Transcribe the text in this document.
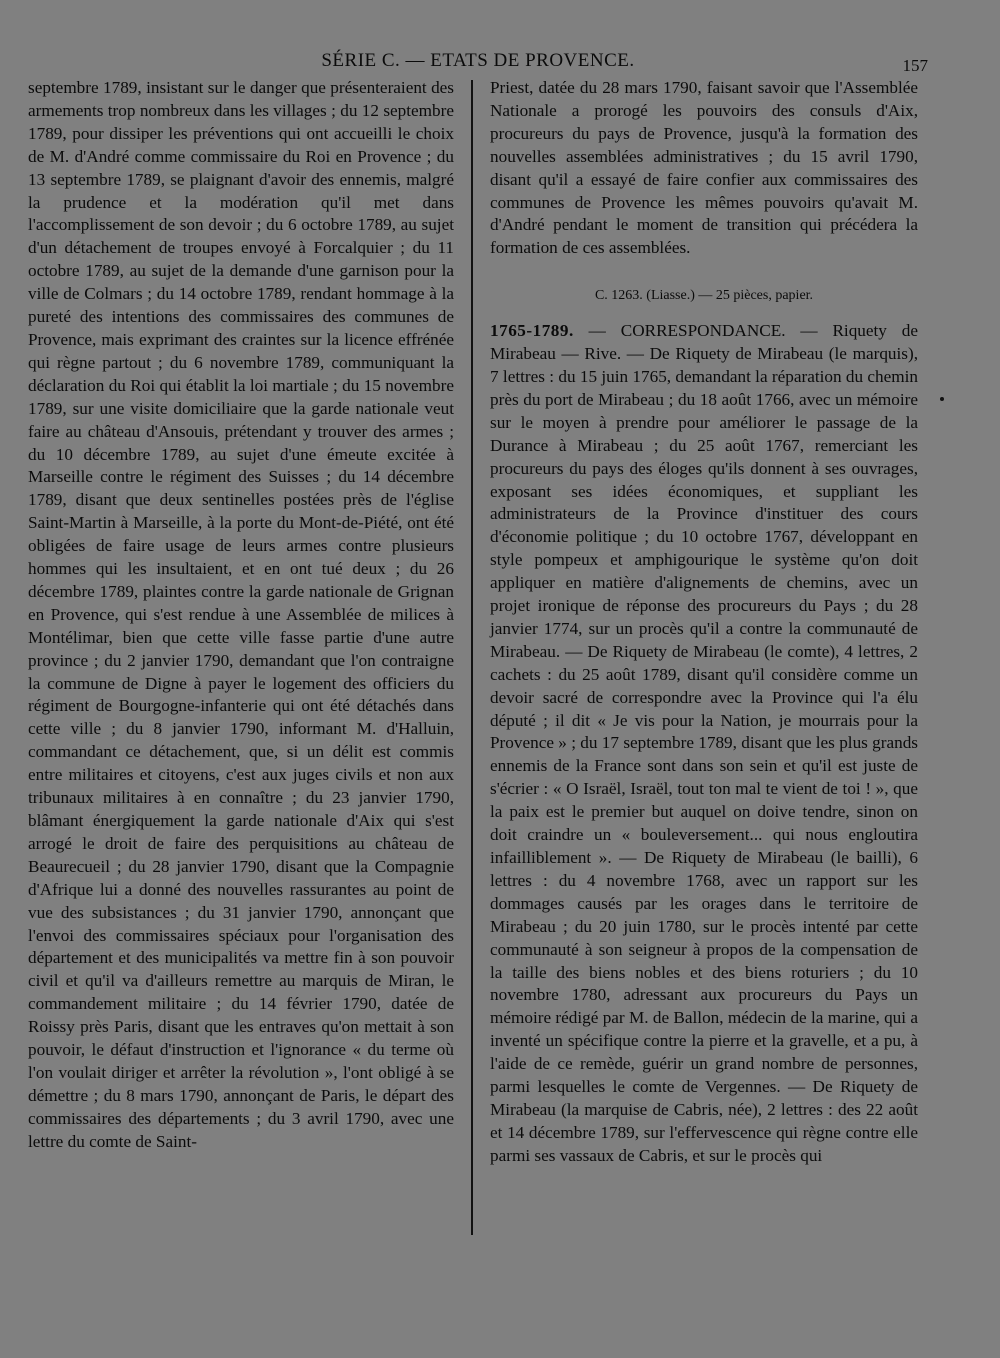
SÉRIE C. — ETATS DE PROVENCE.	157

septembre 1789, insistant sur le danger que présenteraient des armements trop nombreux dans les villages ; du 12 septembre 1789, pour dissiper les préventions qui ont accueilli le choix de M. d'André comme commissaire du Roi en Provence ; du 13 septembre 1789, se plaignant d'avoir des ennemis, malgré la prudence et la modération qu'il met dans l'accomplissement de son devoir ; du 6 octobre 1789, au sujet d'un détachement de troupes envoyé à Forcalquier ; du 11 octobre 1789, au sujet de la demande d'une garnison pour la ville de Colmars ; du 14 octobre 1789, rendant hommage à la pureté des intentions des commissaires des communes de Provence, mais exprimant des craintes sur la licence effrénée qui règne partout ; du 6 novembre 1789, communiquant la déclaration du Roi qui établit la loi martiale ; du 15 novembre 1789, sur une visite domiciliaire que la garde nationale veut faire au château d'Ansouis, prétendant y trouver des armes ; du 10 décembre 1789, au sujet d'une émeute excitée à Marseille contre le régiment des Suisses ; du 14 décembre 1789, disant que deux sentinelles postées près de l'église Saint-Martin à Marseille, à la porte du Mont-de-Piété, ont été obligées de faire usage de leurs armes contre plusieurs hommes qui les insultaient, et en ont tué deux ; du 26 décembre 1789, plaintes contre la garde nationale de Grignan en Provence, qui s'est rendue à une Assemblée de milices à Montélimar, bien que cette ville fasse partie d'une autre province ; du 2 janvier 1790, demandant que l'on contraigne la commune de Digne à payer le logement des officiers du régiment de Bourgogne-infanterie qui ont été détachés dans cette ville ; du 8 janvier 1790, informant M. d'Halluin, commandant ce détachement, que, si un délit est commis entre militaires et citoyens, c'est aux juges civils et non aux tribunaux militaires à en connaître ; du 23 janvier 1790, blâmant énergiquement la garde nationale d'Aix qui s'est arrogé le droit de faire des perquisitions au château de Beaurecueil ; du 28 janvier 1790, disant que la Compagnie d'Afrique lui a donné des nouvelles rassurantes au point de vue des subsistances ; du 31 janvier 1790, annonçant que l'envoi des commissaires spéciaux pour l'organisation des département et des municipalités va mettre fin à son pouvoir civil et qu'il va d'ailleurs remettre au marquis de Miran, le commandement militaire ; du 14 février 1790, datée de Roissy près Paris, disant que les entraves qu'on mettait à son pouvoir, le défaut d'instruction et l'ignorance « du terme où l'on voulait diriger et arrêter la révolution », l'ont obligé à se démettre ; du 8 mars 1790, annonçant de Paris, le départ des commissaires des départements ; du 3 avril 1790, avec une lettre du comte de Saint-

Priest, datée du 28 mars 1790, faisant savoir que l'Assemblée Nationale a prorogé les pouvoirs des consuls d'Aix, procureurs du pays de Provence, jusqu'à la formation des nouvelles assemblées administratives ; du 15 avril 1790, disant qu'il a essayé de faire confier aux commissaires des communes de Provence les mêmes pouvoirs qu'avait M. d'André pendant le moment de transition qui précédera la formation de ces assemblées.

C. 1263. (Liasse.) — 25 pièces, papier.

1765-1789. — CORRESPONDANCE. — Riquety de Mirabeau — Rive. — De Riquety de Mirabeau (le marquis), 7 lettres : du 15 juin 1765, demandant la réparation du chemin près du port de Mirabeau ; du 18 août 1766, avec un mémoire sur le moyen à prendre pour améliorer le passage de la Durance à Mirabeau ; du 25 août 1767, remerciant les procureurs du pays des éloges qu'ils donnent à ses ouvrages, exposant ses idées économiques, et suppliant les administrateurs de la Province d'instituer des cours d'économie politique ; du 10 octobre 1767, développant en style pompeux et amphigourique le système qu'on doit appliquer en matière d'alignements de chemins, avec un projet ironique de réponse des procureurs du Pays ; du 28 janvier 1774, sur un procès qu'il a contre la communauté de Mirabeau. — De Riquety de Mirabeau (le comte), 4 lettres, 2 cachets : du 25 août 1789, disant qu'il considère comme un devoir sacré de correspondre avec la Province qui l'a élu député ; il dit « Je vis pour la Nation, je mourrais pour la Provence » ; du 17 septembre 1789, disant que les plus grands ennemis de la France sont dans son sein et qu'il est juste de s'écrier : « O Israël, Israël, tout ton mal te vient de toi ! », que la paix est le premier but auquel on doive tendre, sinon on doit craindre un « bouleversement... qui nous engloutira infailliblement ». — De Riquety de Mirabeau (le bailli), 6 lettres : du 4 novembre 1768, avec un rapport sur les dommages causés par les orages dans le territoire de Mirabeau ; du 20 juin 1780, sur le procès intenté par cette communauté à son seigneur à propos de la compensation de la taille des biens nobles et des biens roturiers ; du 10 novembre 1780, adressant aux procureurs du Pays un mémoire rédigé par M. de Ballon, médecin de la marine, qui a inventé un spécifique contre la pierre et la gravelle, et a pu, à l'aide de ce remède, guérir un grand nombre de personnes, parmi lesquelles le comte de Vergennes. — De Riquety de Mirabeau (la marquise de Cabris, née), 2 lettres : des 22 août et 14 décembre 1789, sur l'effervescence qui règne contre elle parmi ses vassaux de Cabris, et sur le procès qui
